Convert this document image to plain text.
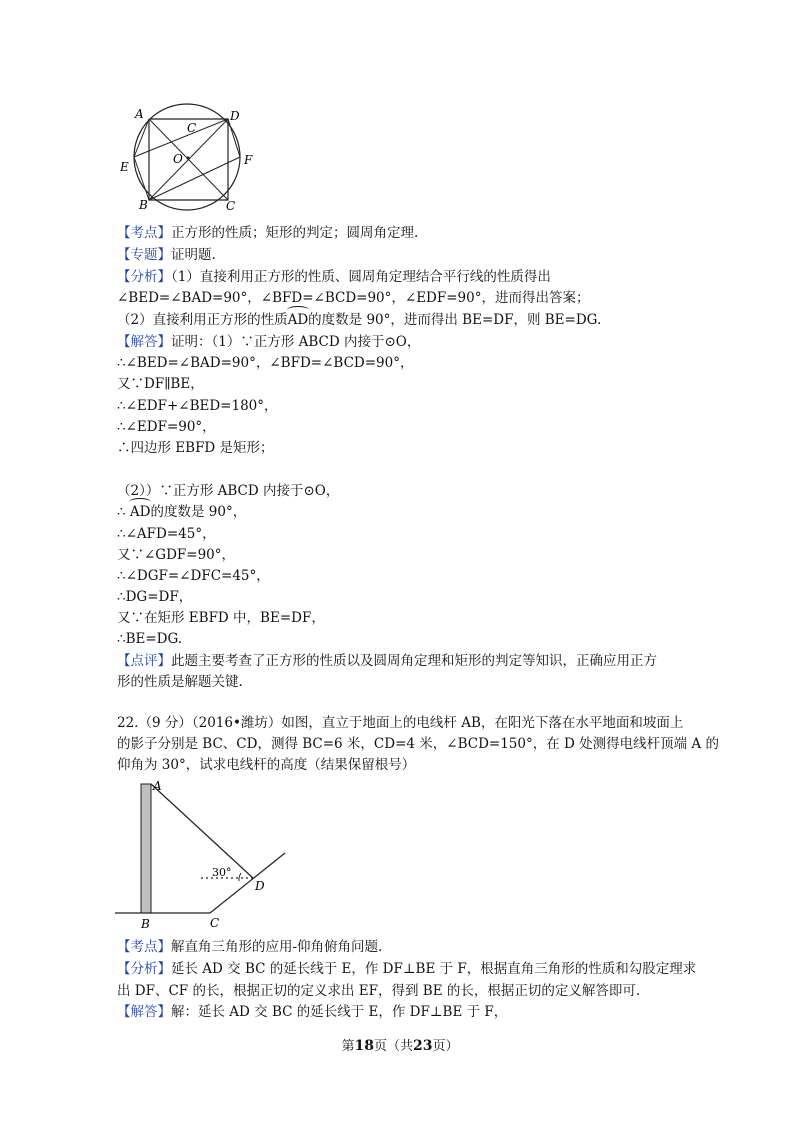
A	D
C
O
E	F
B	C
【考点】正方形的性质；矩形的判定；圆周角定理.
【专题】证明题.
【分析】（1）直接利用正方形的性质、圆周角定理结合平行线的性质得出
∠BED=∠BAD=90°，∠BFD=∠BCD=90°，∠EDF=90°，进而得出答案；
（2）直接利用正方形的性质AD的度数是 90°，进而得出 BE=DF，则 BE=DG.
【解答】证明：（1）∵正方形 ABCD 内接于⊙O，
∴∠BED=∠BAD=90°，∠BFD=∠BCD=90°，
又∵DF∥BE，
∴∠EDF+∠BED=180°，
∴∠EDF=90°，
∴四边形 EBFD 是矩形；
（2））∵正方形 ABCD 内接于⊙O，
∴ AD的度数是 90°，
∴∠AFD=45°，
又∵∠GDF=90°，
∴∠DGF=∠DFC=45°，
∴DG=DF，
又∵在矩形 EBFD 中，BE=DF，
∴BE=DG.
【点评】此题主要考查了正方形的性质以及圆周角定理和矩形的判定等知识，正确应用正方
形的性质是解题关键.
22.（9 分）（2016•潍坊）如图，直立于地面上的电线杆 AB，在阳光下落在水平地面和坡面上
的影子分别是 BC、CD，测得 BC=6 米，CD=4 米，∠BCD=150°，在 D 处测得电线杆顶端 A 的
仰角为 30°，试求电线杆的高度（结果保留根号）
A
B	C
D
30°
【考点】解直角三角形的应用-仰角俯角问题.
【分析】延长 AD 交 BC 的延长线于 E，作 DF⊥BE 于 F，根据直角三角形的性质和勾股定理求
出 DF、CF 的长，根据正切的定义求出 EF，得到 BE 的长，根据正切的定义解答即可.
【解答】解：延长 AD 交 BC 的延长线于 E，作 DF⊥BE 于 F，
第18页（共23页）
